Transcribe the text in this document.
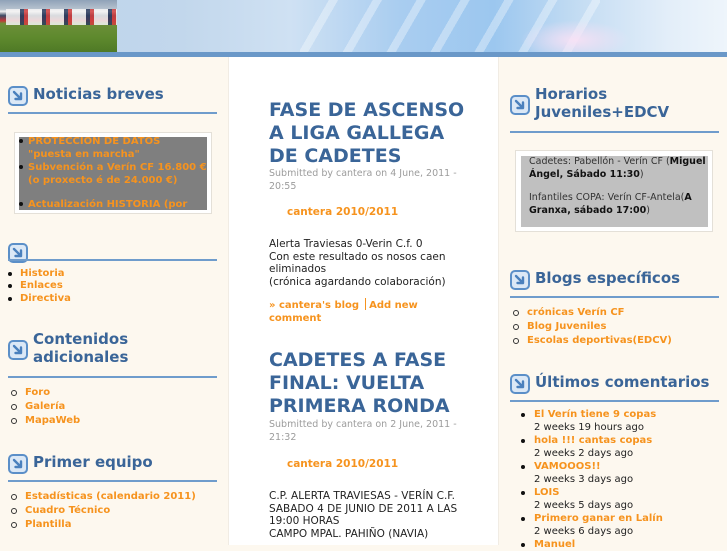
Noticias breves
PROTECCION DE DATOS "puesta en marcha"
Subvención a Verín CF 16.800 € (o proxecto é de 24.000 €)
Actualización HISTORIA (por
Historia
Enlaces
Directiva
Contenidos adicionales
Foro
Galería
MapaWeb
Primer equipo
Estadísticas (calendario 2011)
Cuadro Técnico
Plantilla
FASE DE ASCENSO A LIGA GALLEGA DE CADETES
Submitted by cantera on 4 June, 2011 - 20:55
cantera 2010/2011
Alerta Traviesas 0-Verin C.f. 0
Con este resultado os nosos caen eliminados
(crónica agardando colaboración)
» cantera's blog Add new comment
CADETES A FASE FINAL: VUELTA PRIMERA RONDA
Submitted by cantera on 2 June, 2011 - 21:32
cantera 2010/2011
C.P. ALERTA TRAVIESAS - VERÍN C.F.
SABADO 4 DE JUNIO DE 2011 A LAS 19:00 HORAS
CAMPO MPAL. PAHIÑO (NAVIA)
Horarios Juveniles+EDCV
Cadetes: Pabellón - Verín CF (Miguel Ángel, Sábado 11:30)
Infantiles COPA: Verín CF-Antela(A Granxa, sábado 17:00)
Blogs específicos
crónicas Verín CF
Blog Juveniles
Escolas deportivas(EDCV)
Últimos comentarios
El Verín tiene 9 copas
2 weeks 19 hours ago
hola !!! cantas copas
2 weeks 2 days ago
VAMOOOS!!
2 weeks 3 days ago
LOIS
2 weeks 5 days ago
Primero ganar en Lalín
2 weeks 6 days ago
Manuel
